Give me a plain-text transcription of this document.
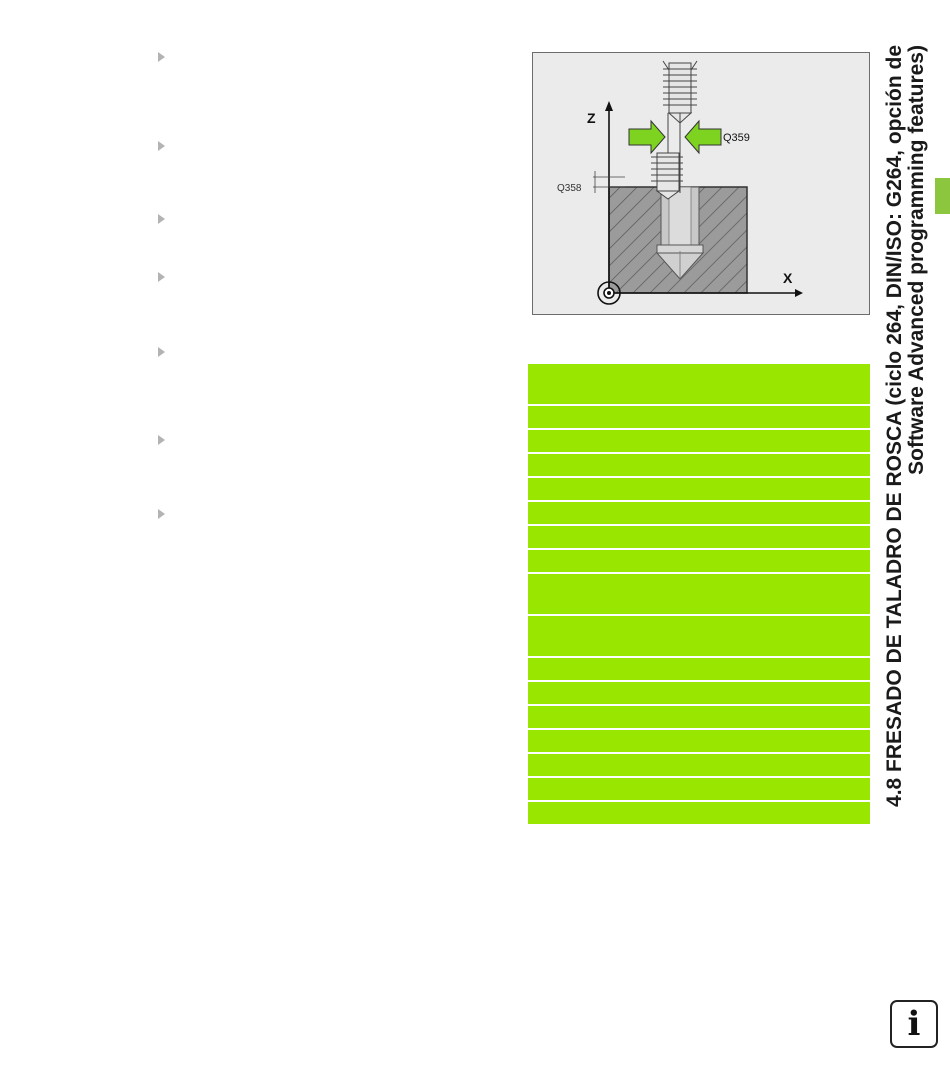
Z
X
Q359
Q358	4.8 FRESADO DE TALADRO DE ROSCA (ciclo 264, DIN/ISO: G264, opción de Software Advanced programming features)
i
